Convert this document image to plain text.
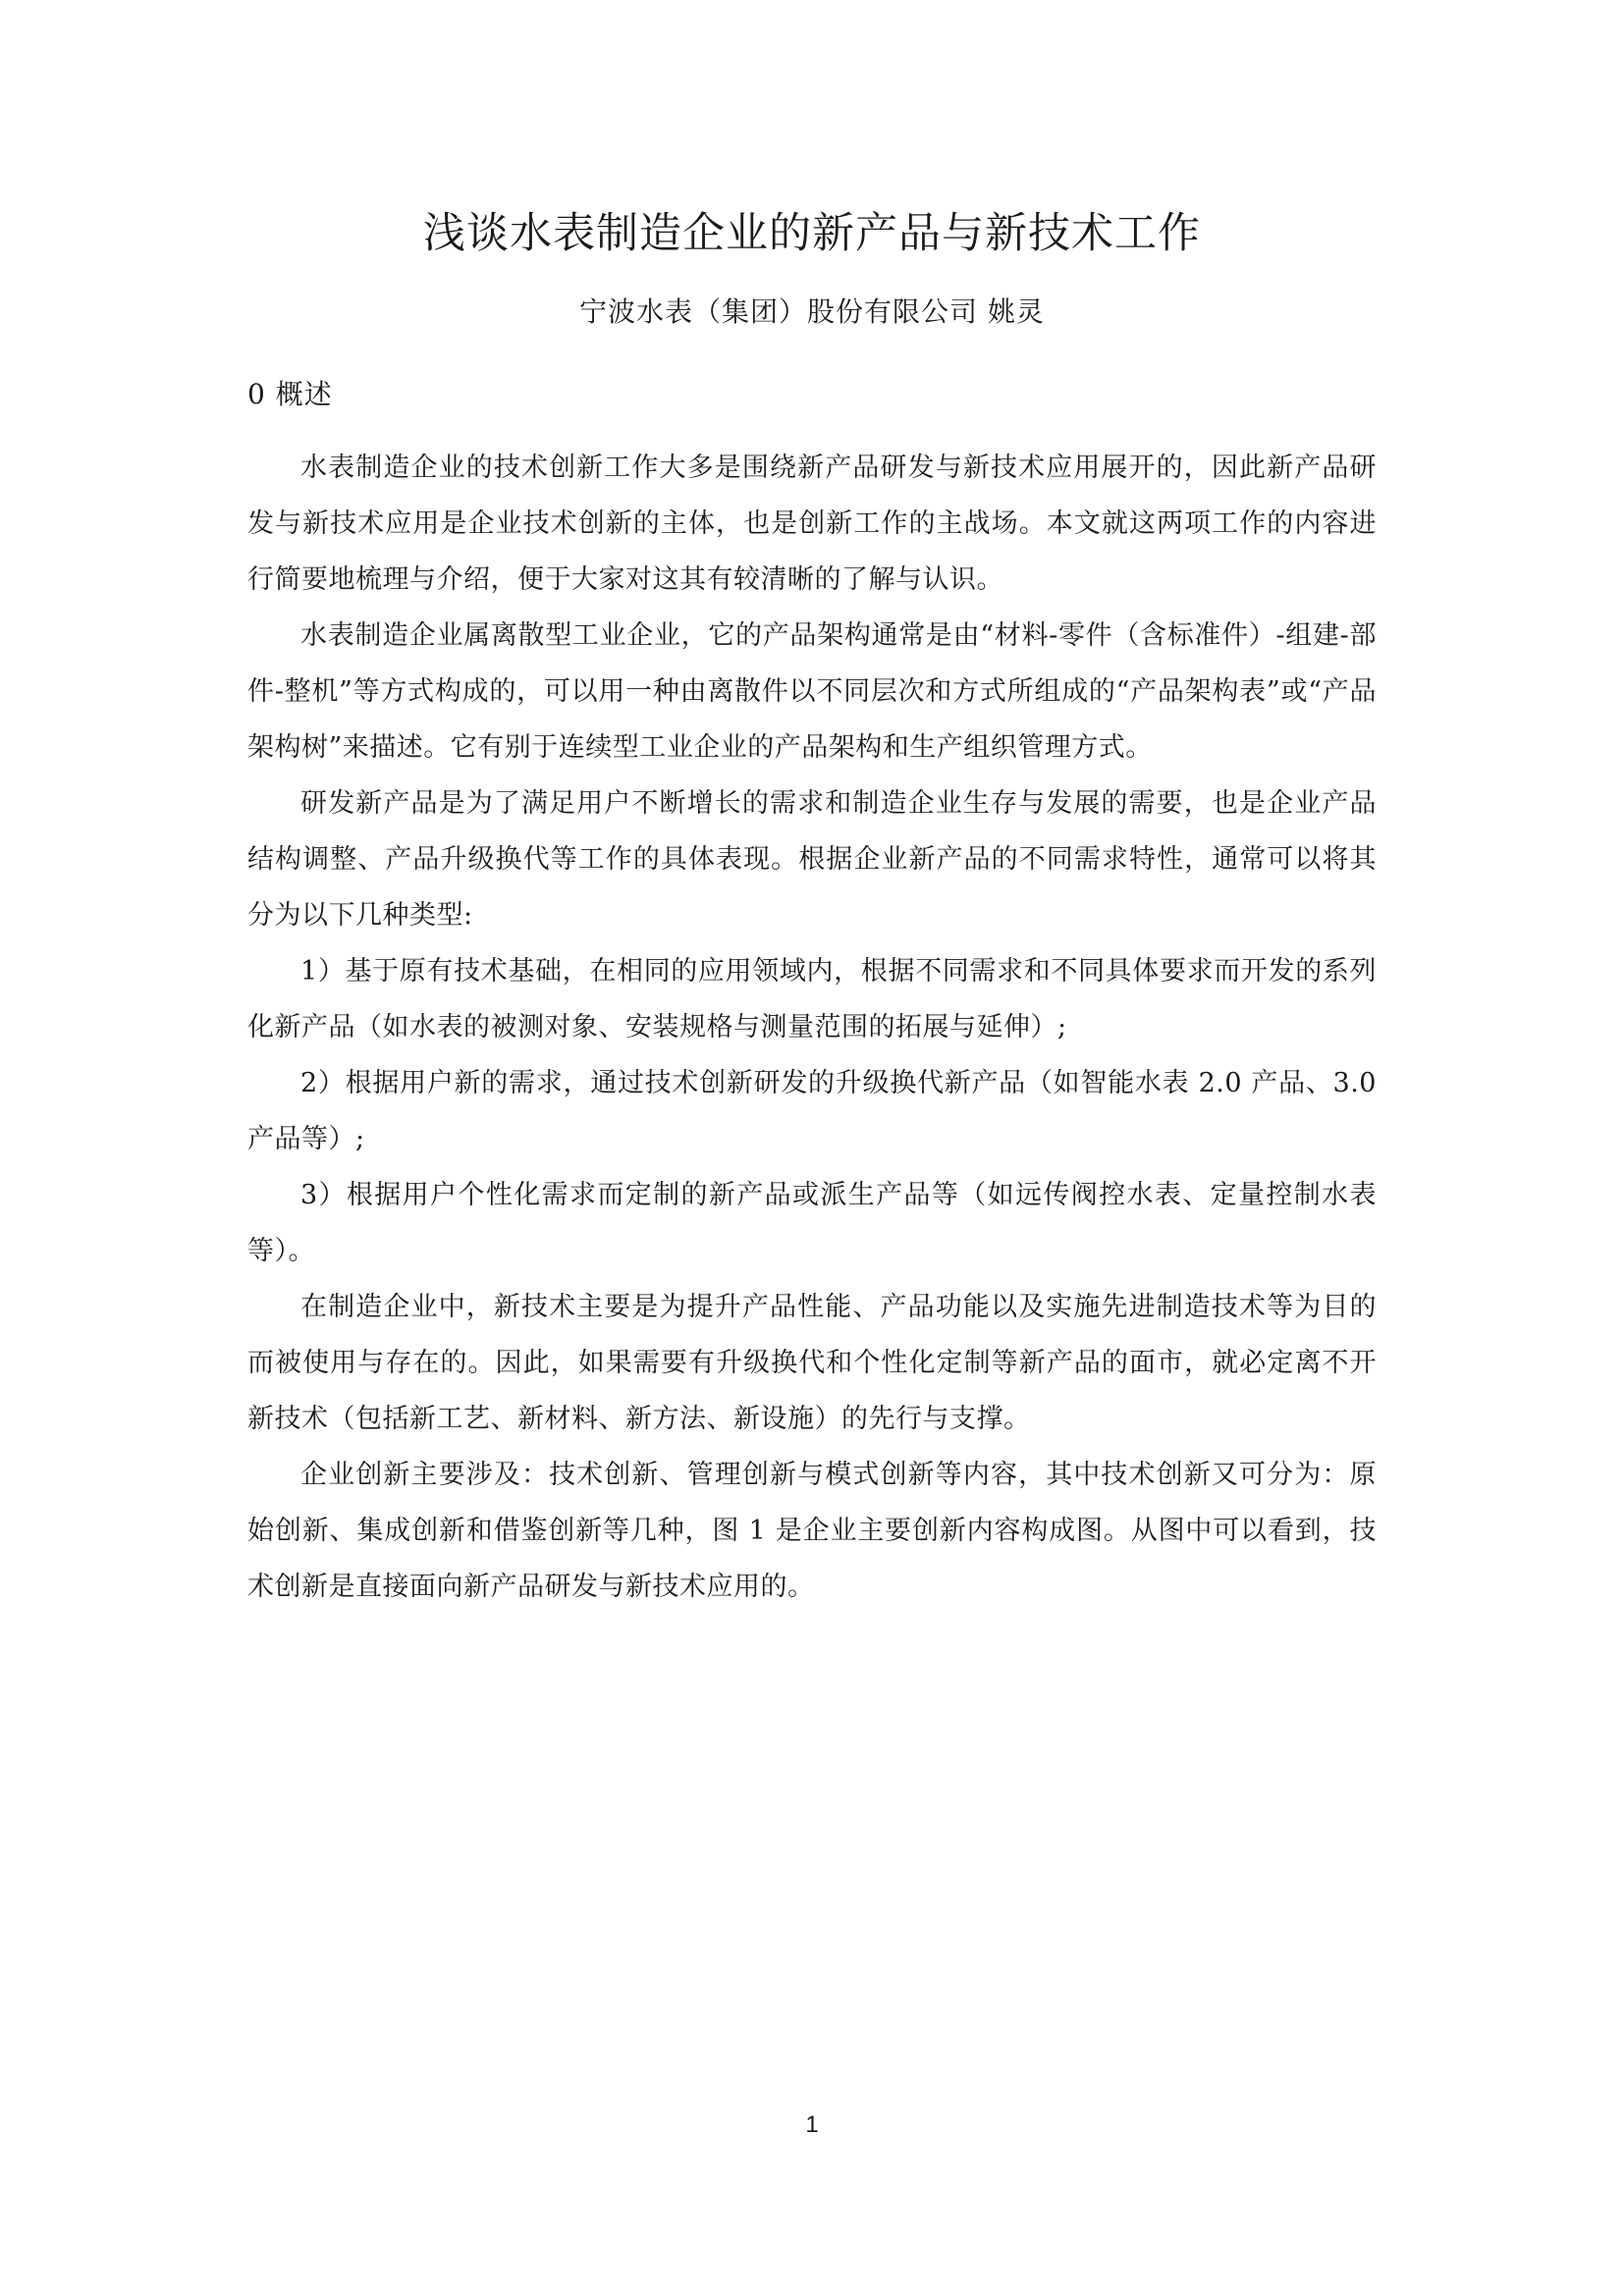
浅谈水表制造企业的新产品与新技术工作
宁波水表（集团）股份有限公司 姚灵
0 概述

水表制造企业的技术创新工作大多是围绕新产品研发与新技术应用展开的，因此新产品研发与新技术应用是企业技术创新的主体，也是创新工作的主战场。本文就这两项工作的内容进行简要地梳理与介绍，便于大家对这其有较清晰的了解与认识。

水表制造企业属离散型工业企业，它的产品架构通常是由“材料-零件（含标准件）-组建-部件-整机”等方式构成的，可以用一种由离散件以不同层次和方式所组成的“产品架构表”或“产品架构树”来描述。它有别于连续型工业企业的产品架构和生产组织管理方式。

研发新产品是为了满足用户不断增长的需求和制造企业生存与发展的需要，也是企业产品结构调整、产品升级换代等工作的具体表现。根据企业新产品的不同需求特性，通常可以将其分为以下几种类型:

1）基于原有技术基础，在相同的应用领域内，根据不同需求和不同具体要求而开发的系列化新产品（如水表的被测对象、安装规格与测量范围的拓展与延伸）;

2）根据用户新的需求，通过技术创新研发的升级换代新产品（如智能水表 2.0 产品、3.0 产品等）;

3）根据用户个性化需求而定制的新产品或派生产品等（如远传阀控水表、定量控制水表等）。

在制造企业中，新技术主要是为提升产品性能、产品功能以及实施先进制造技术等为目的而被使用与存在的。因此，如果需要有升级换代和个性化定制等新产品的面市，就必定离不开新技术（包括新工艺、新材料、新方法、新设施）的先行与支撑。

企业创新主要涉及：技术创新、管理创新与模式创新等内容，其中技术创新又可分为：原始创新、集成创新和借鉴创新等几种，图 1 是企业主要创新内容构成图。从图中可以看到，技术创新是直接面向新产品研发与新技术应用的。

1
